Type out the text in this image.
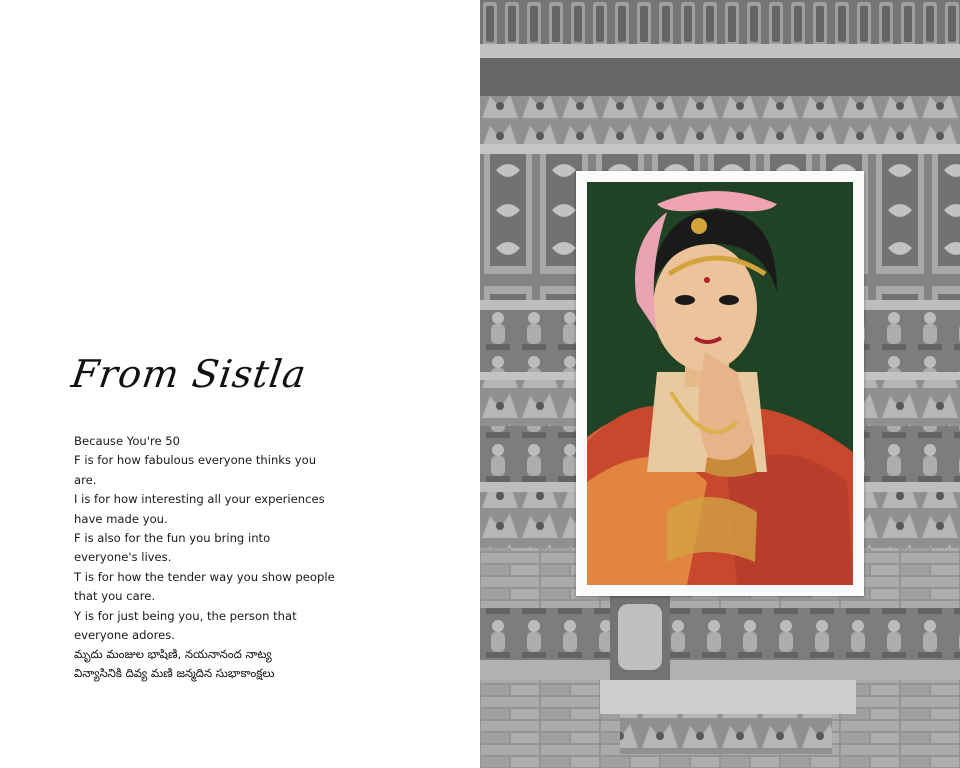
From Sistla

Because You're 50

F is for how fabulous everyone thinks you are.

I is for how interesting all your experiences have made you.

F is also for the fun you bring into everyone's lives.

T is for how the tender way you show people that you care.

Y is for just being you, the person that everyone adores.

మృదు మంజుల భాషిణి, నయనానంద నాట్య

విన్యాసినికి దివ్య మణి జన్మదిన సుభాకాంక్షలు
